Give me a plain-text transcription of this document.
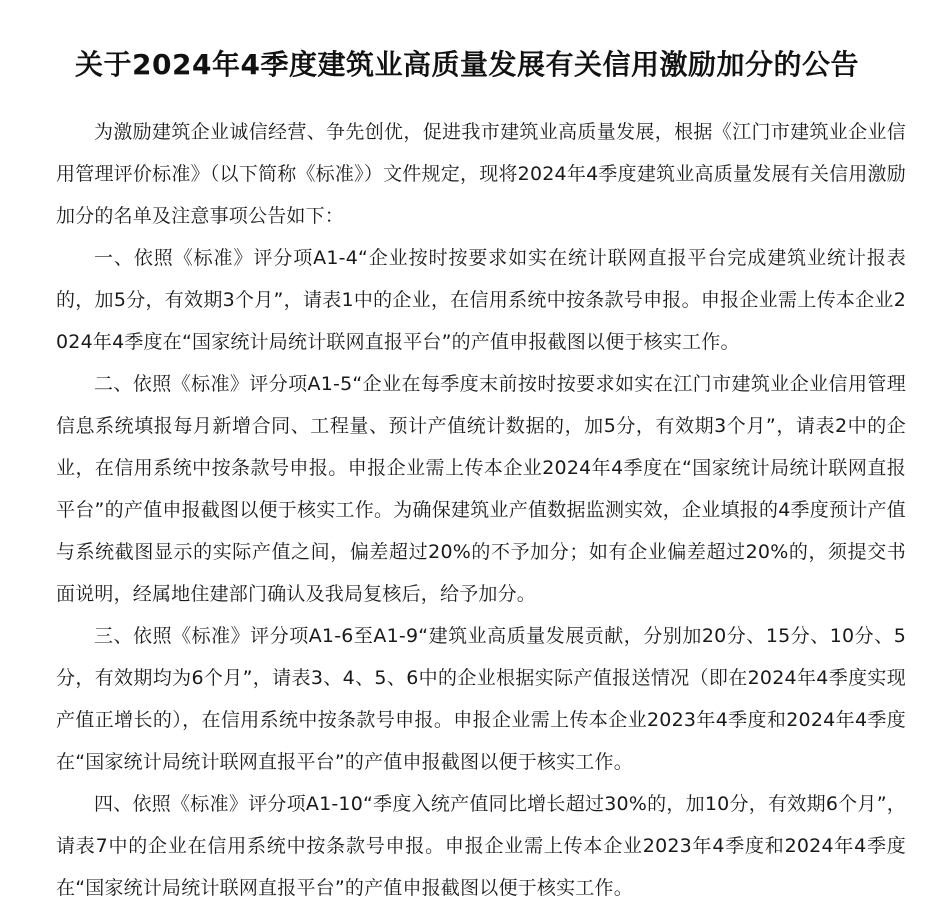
关于2024年4季度建筑业高质量发展有关信用激励加分的公告

为激励建筑企业诚信经营、争先创优，促进我市建筑业高质量发展，根据《江门市建筑业企业信用管理评价标准》（以下简称《标准》）文件规定，现将2024年4季度建筑业高质量发展有关信用激励加分的名单及注意事项公告如下：

一、依照《标准》评分项A1-4“企业按时按要求如实在统计联网直报平台完成建筑业统计报表的，加5分，有效期3个月”，请表1中的企业，在信用系统中按条款号申报。申报企业需上传本企业2024年4季度在“国家统计局统计联网直报平台”的产值申报截图以便于核实工作。

二、依照《标准》评分项A1-5“企业在每季度末前按时按要求如实在江门市建筑业企业信用管理信息系统填报每月新增合同、工程量、预计产值统计数据的，加5分，有效期3个月”，请表2中的企业，在信用系统中按条款号申报。申报企业需上传本企业2024年4季度在“国家统计局统计联网直报平台”的产值申报截图以便于核实工作。为确保建筑业产值数据监测实效，企业填报的4季度预计产值与系统截图显示的实际产值之间，偏差超过20%的不予加分；如有企业偏差超过20%的，须提交书面说明，经属地住建部门确认及我局复核后，给予加分。

三、依照《标准》评分项A1-6至A1-9“建筑业高质量发展贡献，分别加20分、15分、10分、5分，有效期均为6个月”，请表3、4、5、6中的企业根据实际产值报送情况（即在2024年4季度实现产值正增长的），在信用系统中按条款号申报。申报企业需上传本企业2023年4季度和2024年4季度在“国家统计局统计联网直报平台”的产值申报截图以便于核实工作。

四、依照《标准》评分项A1-10“季度入统产值同比增长超过30%的，加10分，有效期6个月”，请表7中的企业在信用系统中按条款号申报。申报企业需上传本企业2023年4季度和2024年4季度在“国家统计局统计联网直报平台”的产值申报截图以便于核实工作。
